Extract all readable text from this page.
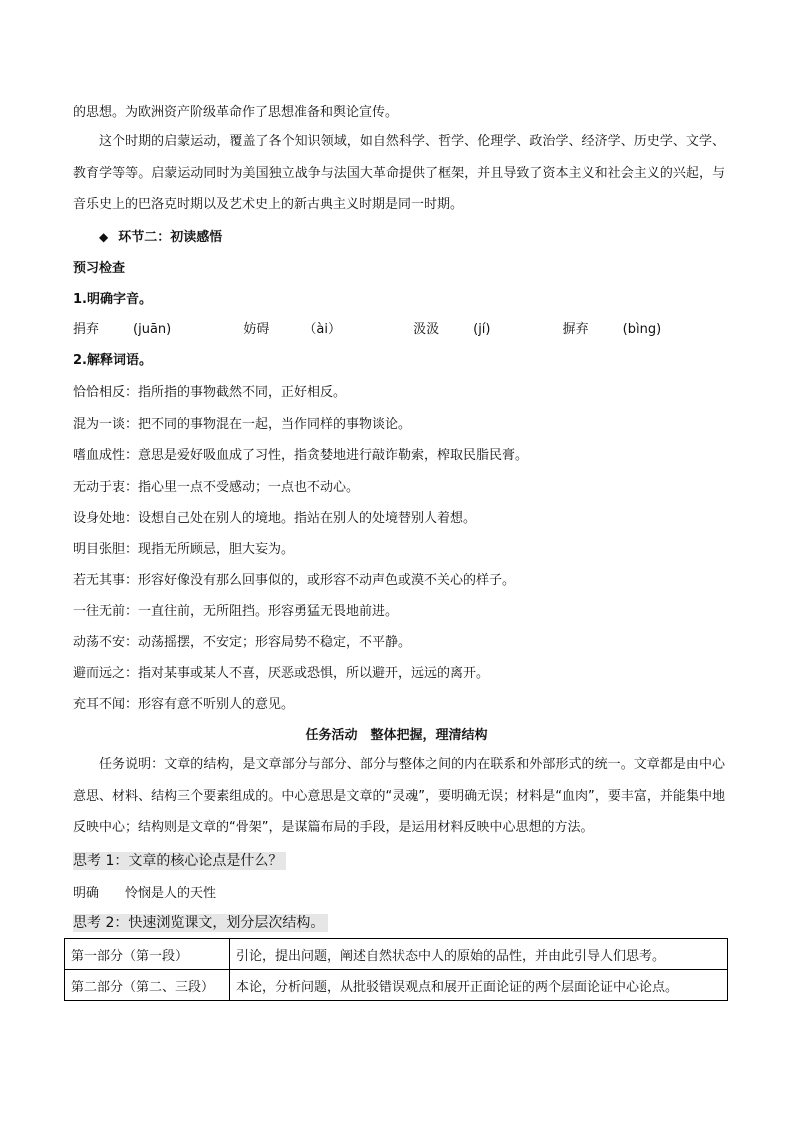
的思想。为欧洲资产阶级革命作了思想准备和舆论宣传。
这个时期的启蒙运动，覆盖了各个知识领域，如自然科学、哲学、伦理学、政治学、经济学、历史学、文学、教育学等等。启蒙运动同时为美国独立战争与法国大革命提供了框架，并且导致了资本主义和社会主义的兴起，与音乐史上的巴洛克时期以及艺术史上的新古典主义时期是同一时期。
◆ 环节二：初读感悟
预习检查
1.明确字音。
捐弃	(juān)	妨碍	（ài）	汲汲	(jí)	摒弃	(bìng)
2.解释词语。
恰恰相反：指所指的事物截然不同，正好相反。
混为一谈：把不同的事物混在一起，当作同样的事物谈论。
嗜血成性：意思是爱好吸血成了习性，指贪婪地进行敲诈勒索，榨取民脂民膏。
无动于衷：指心里一点不受感动；一点也不动心。
设身处地：设想自己处在别人的境地。指站在别人的处境替别人着想。
明目张胆：现指无所顾忌，胆大妄为。
若无其事：形容好像没有那么回事似的，或形容不动声色或漠不关心的样子。
一往无前：一直往前，无所阻挡。形容勇猛无畏地前进。
动荡不安：动荡摇摆，不安定；形容局势不稳定，不平静。
避而远之：指对某事或某人不喜，厌恶或恐惧，所以避开，远远的离开。
充耳不闻：形容有意不听别人的意见。
任务活动　整体把握，理清结构
任务说明：文章的结构，是文章部分与部分、部分与整体之间的内在联系和外部形式的统一。文章都是由中心意思、材料、结构三个要素组成的。中心意思是文章的“灵魂”，要明确无误；材料是“血肉”，要丰富，并能集中地反映中心；结构则是文章的“骨架”，是谋篇布局的手段，是运用材料反映中心思想的方法。
思考 1：文章的核心论点是什么？
明确 怜悯是人的天性
思考 2：快速浏览课文，划分层次结构。
第一部分（第一段）	引论，提出问题，阐述自然状态中人的原始的品性，并由此引导人们思考。
第二部分（第二、三段）	本论，分析问题，从批驳错误观点和展开正面论证的两个层面论证中心论点。
